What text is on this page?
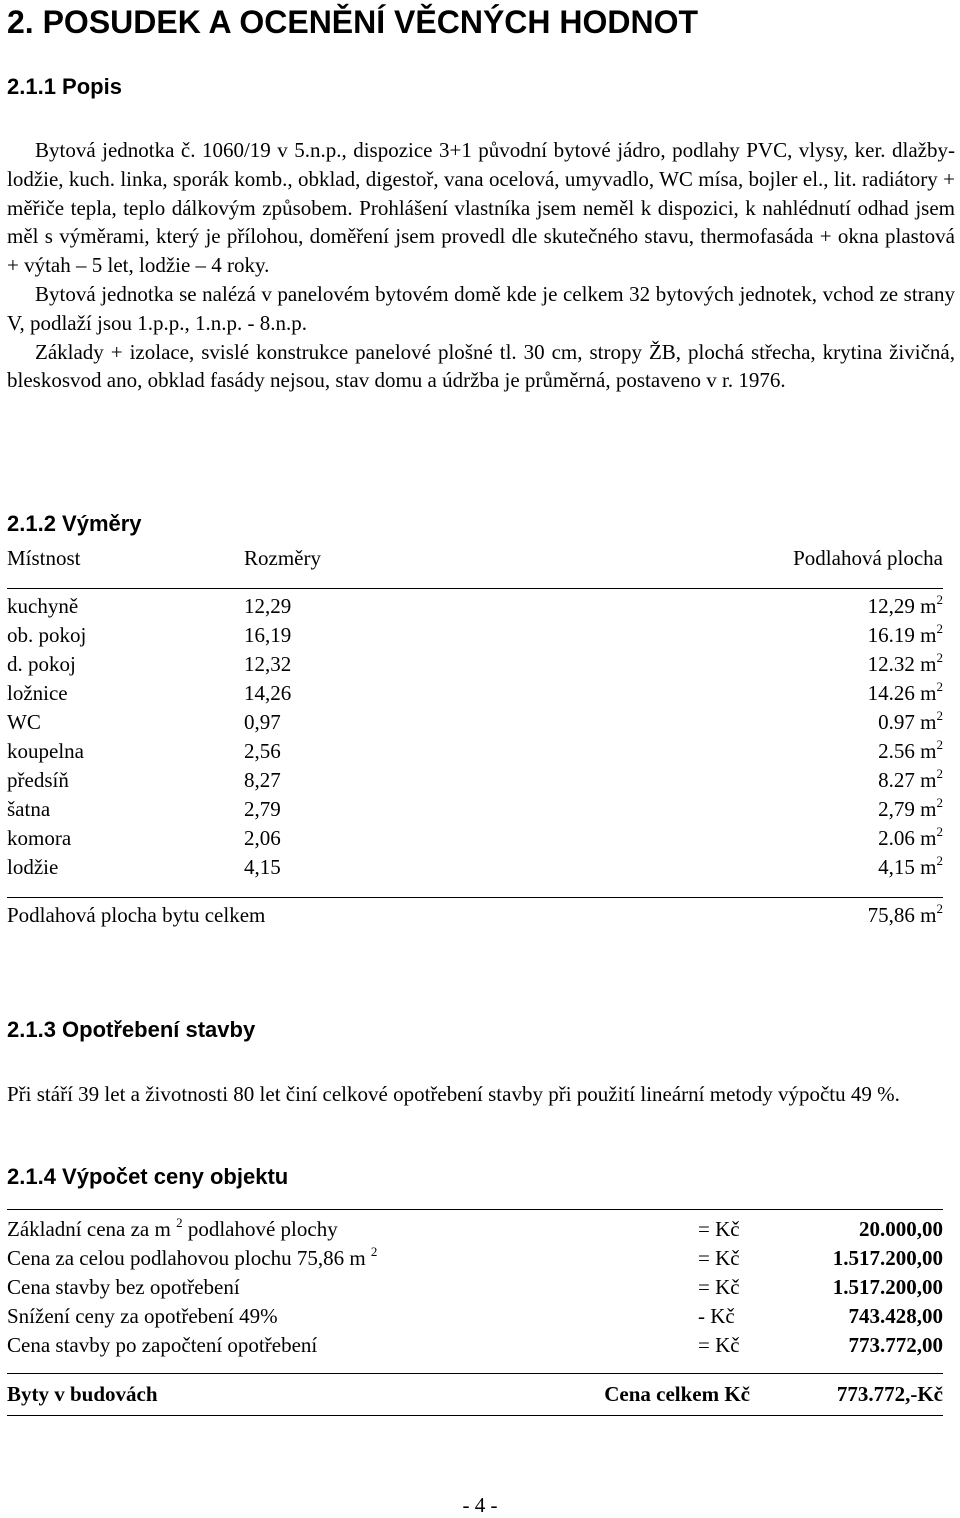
2. POSUDEK A OCENĚNÍ VĚCNÝCH HODNOT
2.1.1 Popis

Bytová jednotka č. 1060/19 v 5.n.p., dispozice 3+1 původní bytové jádro, podlahy PVC, vlysy, ker. dlažby-lodžie, kuch. linka, sporák komb., obklad, digestoř, vana ocelová, umyvadlo, WC mísa, bojler el., lit. radiátory + měřiče tepla, teplo dálkovým způsobem. Prohlášení vlastníka jsem neměl k dispozici, k nahlédnutí odhad jsem měl s výměrami, který je přílohou, doměření jsem provedl dle skutečného stavu, thermofasáda + okna plastová + výtah – 5 let, lodžie – 4 roky.

Bytová jednotka se nalézá v panelovém bytovém domě kde je celkem 32 bytových jednotek, vchod ze strany V, podlaží jsou 1.p.p., 1.n.p. - 8.n.p.

Základy + izolace, svislé konstrukce panelové plošné tl. 30 cm, stropy ŽB, plochá střecha, krytina živičná, bleskosvod ano, obklad fasády nejsou, stav domu a údržba je průměrná, postaveno v r. 1976.

2.1.2 Výměry
Místnost	Rozměry	Podlahová plocha
kuchyně	12,29	12,29 $m^2$
ob. pokoj	16,19	16.19 $m^2$
d. pokoj	12,32	12.32 $m^2$
ložnice	14,26	14.26 $m^2$
WC	0,97	0.97 $m^2$
koupelna	2,56	2.56 $m^2$
předsíň	8,27	8.27 $m^2$
šatna	2,79	2,79 $m^2$
komora	2,06	2.06 $m^2$
lodžie	4,15	4,15 $m^2$
Podlahová plocha bytu celkem	75,86 $m^2$
2.1.3 Opotřebení stavby
Při stáří 39 let a životnosti 80 let činí celkové opotřebení stavby při použití lineární metody výpočtu 49 %.
2.1.4 Výpočet ceny objektu
Základní cena za m $^2$ podlahové plochy	= Kč	20.000,00
Cena za celou podlahovou plochu 75,86 m $^2$	= Kč	1.517.200,00
Cena stavby bez opotřebení	= Kč	1.517.200,00
Snížení ceny za opotřebení 49%	- Kč	743.428,00
Cena stavby po započtení opotřebení	= Kč	773.772,00
Byty v budovách	Cena celkem Kč	773.772,-Kč
- 4 -
